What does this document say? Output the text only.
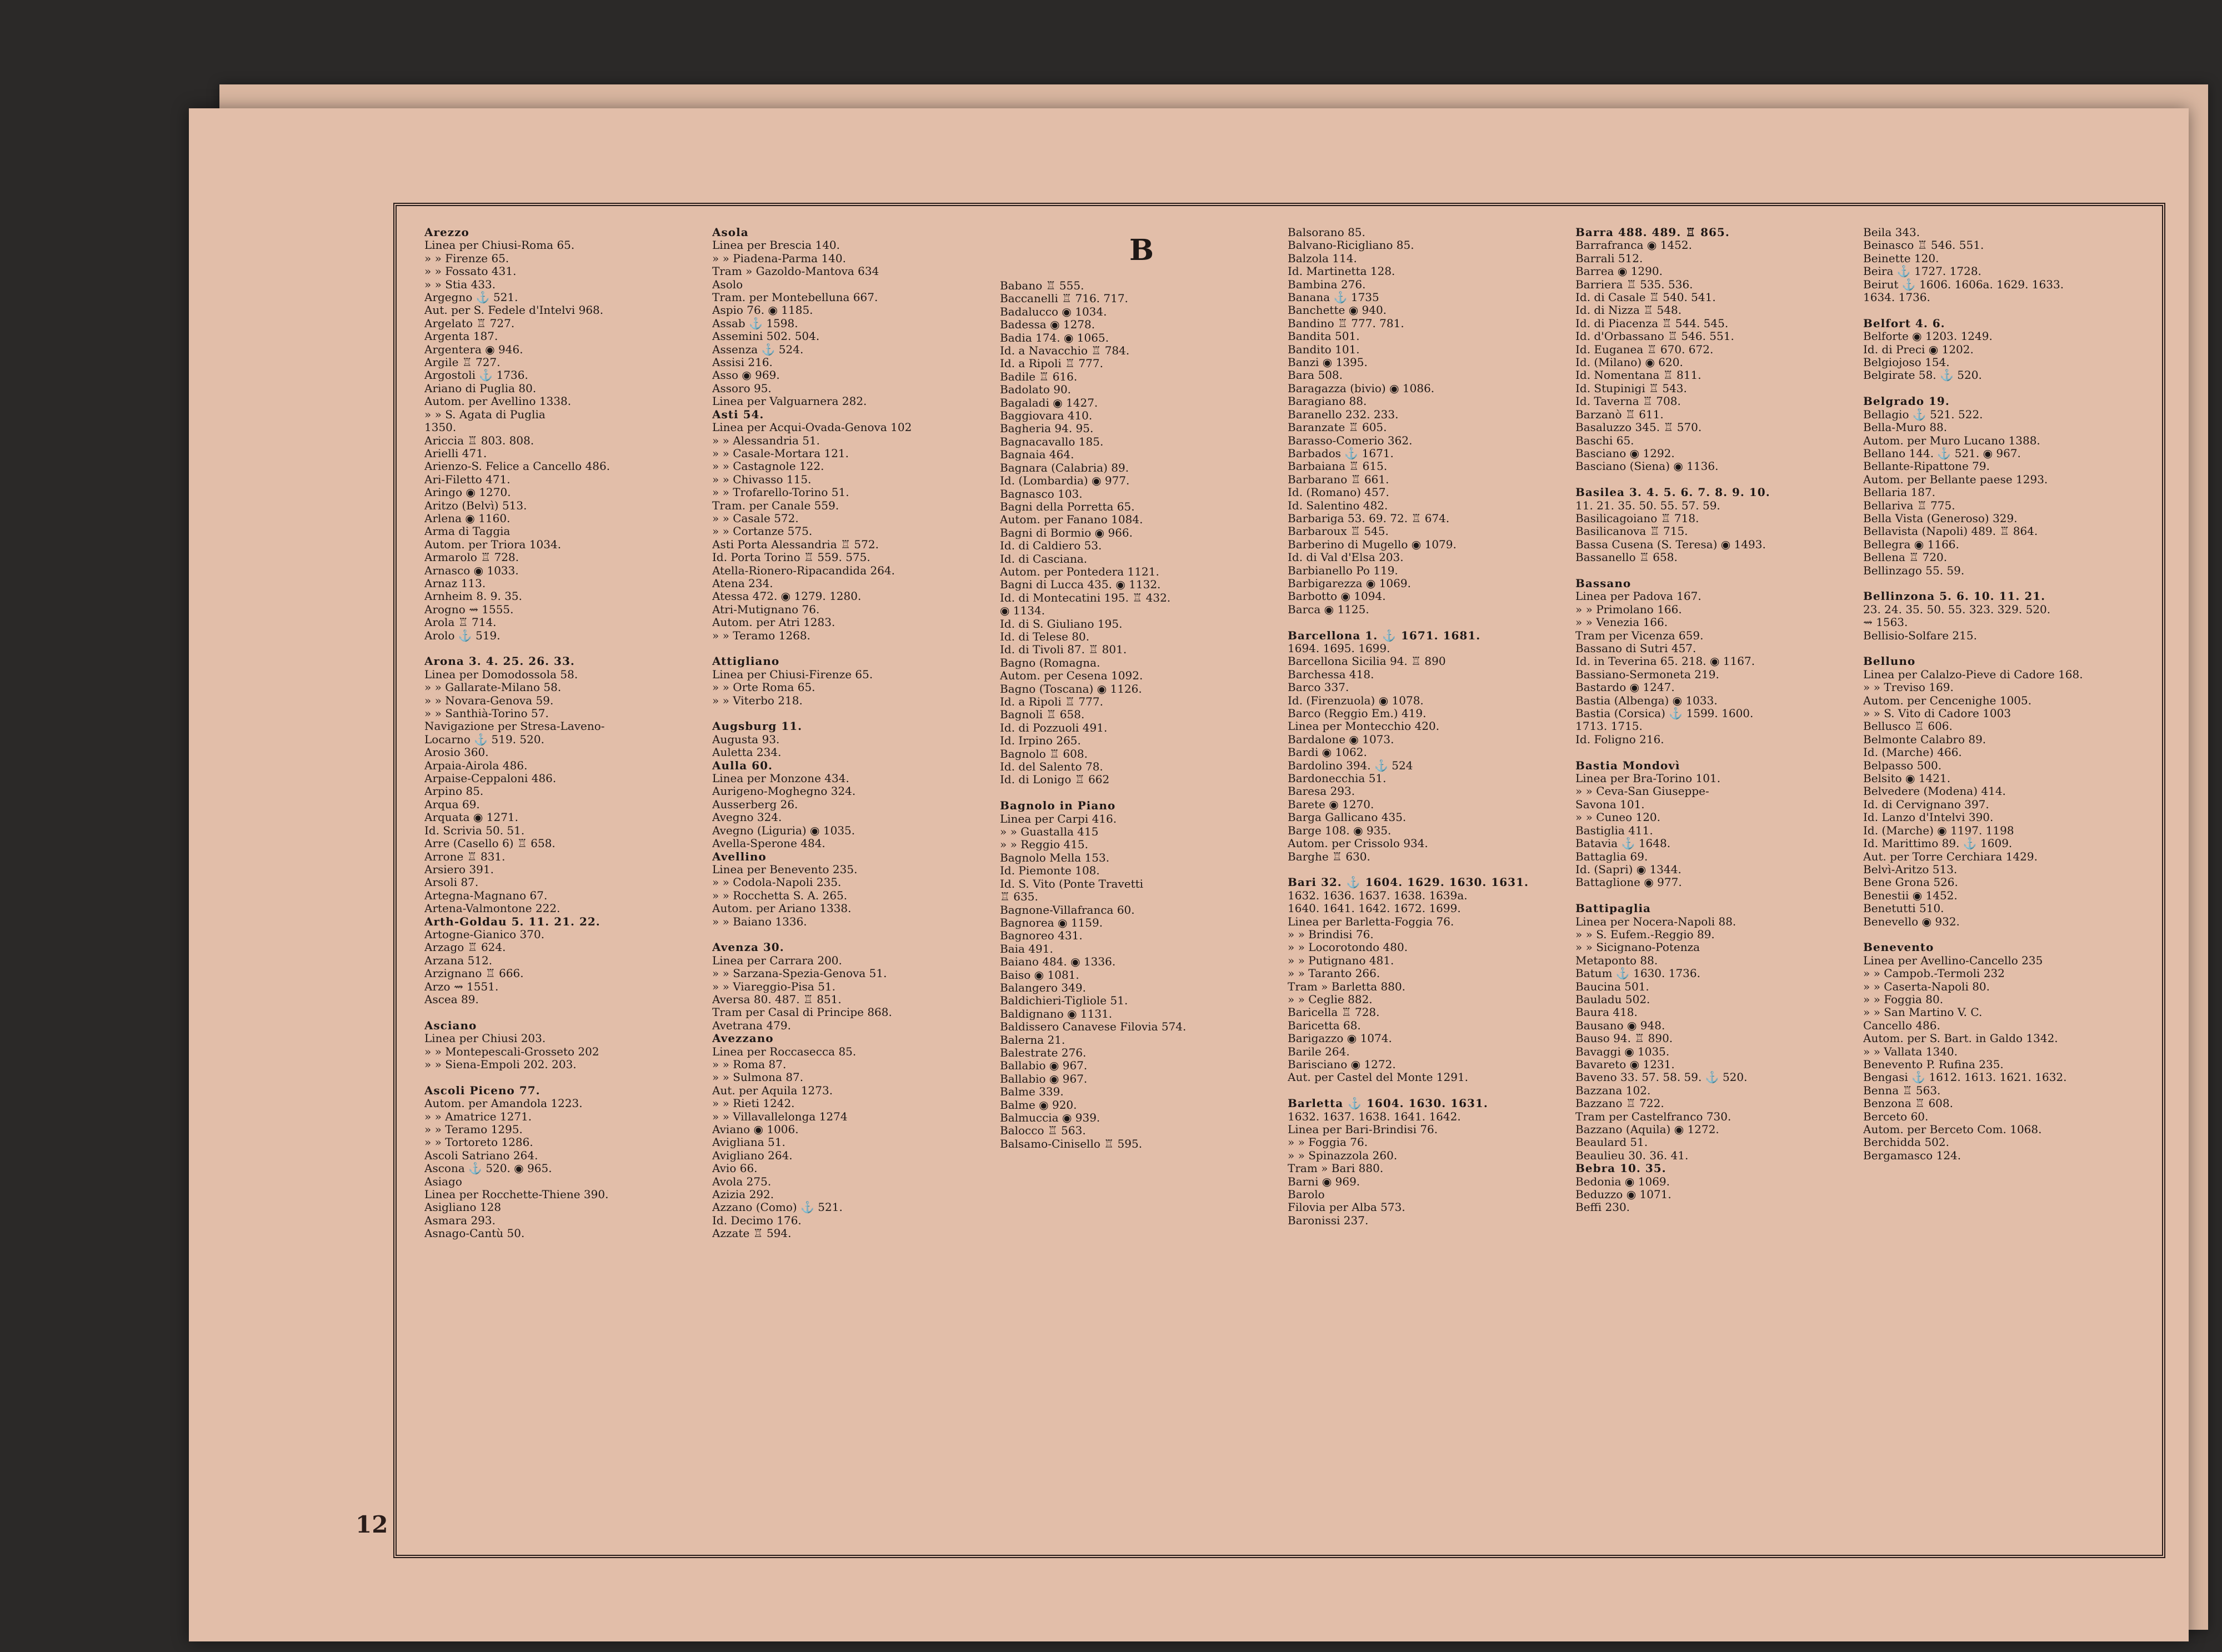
Arezzo
Linea per Chiusi-Roma 65.
» » Firenze 65.
» » Fossato 431.
» » Stia 433.
Argegno ⚓ 521.
Aut. per S. Fedele d'Intelvi 968.
Argelato ♖ 727.
Argenta 187.
Argentera ◉ 946.
Argile ♖ 727.
Argostoli ⚓ 1736.
Ariano di Puglia 80.
Autom. per Avellino 1338.
» » S. Agata di Puglia
1350.
Ariccia ♖ 803. 808.
Arielli 471.
Arienzo-S. Felice a Cancello 486.
Ari-Filetto 471.
Aringo ◉ 1270.
Aritzo (Belvì) 513.
Arlena ◉ 1160.
Arma di Taggia
Autom. per Triora 1034.
Armarolo ♖ 728.
Arnasco ◉ 1033.
Arnaz 113.
Arnheim 8. 9. 35.
Arogno ⇝ 1555.
Arola ♖ 714.
Arolo ⚓ 519.

Arona 3. 4. 25. 26. 33.
Linea per Domodossola 58.
» » Gallarate-Milano 58.
» » Novara-Genova 59.
» » Santhià-Torino 57.
Navigazione per Stresa-Laveno-
Locarno ⚓ 519. 520.
Arosio 360.
Arpaia-Airola 486.
Arpaise-Ceppaloni 486.
Arpino 85.
Arqua 69.
Arquata ◉ 1271.
Id. Scrivia 50. 51.
Arre (Casello 6) ♖ 658.
Arrone ♖ 831.
Arsiero 391.
Arsoli 87.
Artegna-Magnano 67.
Artena-Valmontone 222.
Arth-Goldau 5. 11. 21. 22.
Artogne-Gianico 370.
Arzago ♖ 624.
Arzana 512.
Arzignano ♖ 666.
Arzo ⇝ 1551.
Ascea 89.

Asciano
Linea per Chiusi 203.
» » Montepescali-Grosseto 202
» » Siena-Empoli 202. 203.

Ascoli Piceno 77.
Autom. per Amandola 1223.
» » Amatrice 1271.
» » Teramo 1295.
» » Tortoreto 1286.
Ascoli Satriano 264.
Ascona ⚓ 520. ◉ 965.
Asiago
Linea per Rocchette-Thiene 390.
Asigliano 128
Asmara 293.
Asnago-Cantù 50.
Asola
Linea per Brescia 140.
» » Piadena-Parma 140.
Tram » Gazoldo-Mantova 634
Asolo
Tram. per Montebelluna 667.
Aspio 76. ◉ 1185.
Assab ⚓ 1598.
Assemini 502. 504.
Assenza ⚓ 524.
Assisi 216.
Asso ◉ 969.
Assoro 95.
Linea per Valguarnera 282.
Asti 54.
Linea per Acqui-Ovada-Genova 102
» » Alessandria 51.
» » Casale-Mortara 121.
» » Castagnole 122.
» » Chivasso 115.
» » Trofarello-Torino 51.
Tram. per Canale 559.
» » Casale 572.
» » Cortanze 575.
Asti Porta Alessandria ♖ 572.
Id. Porta Torino ♖ 559. 575.
Atella-Rionero-Ripacandida 264.
Atena 234.
Atessa 472. ◉ 1279. 1280.
Atri-Mutignano 76.
Autom. per Atri 1283.
» » Teramo 1268.

Attigliano
Linea per Chiusi-Firenze 65.
» » Orte Roma 65.
» » Viterbo 218.

Augsburg 11.
Augusta 93.
Auletta 234.
Aulla 60.
Linea per Monzone 434.
Aurigeno-Moghegno 324.
Ausserberg 26.
Avegno 324.
Avegno (Liguria) ◉ 1035.
Avella-Sperone 484.
Avellino
Linea per Benevento 235.
» » Codola-Napoli 235.
» » Rocchetta S. A. 265.
Autom. per Ariano 1338.
» » Baiano 1336.

Avenza 30.
Linea per Carrara 200.
» » Sarzana-Spezia-Genova 51.
» » Viareggio-Pisa 51.
Aversa 80. 487. ♖ 851.
Tram per Casal di Principe 868.
Avetrana 479.
Avezzano
Linea per Roccasecca 85.
» » Roma 87.
» » Sulmona 87.
Aut. per Aquila 1273.
» » Rieti 1242.
» » Villavallelonga 1274
Aviano ◉ 1006.
Avigliana 51.
Avigliano 264.
Avio 66.
Avola 275.
Azizia 292.
Azzano (Como) ⚓ 521.
Id. Decimo 176.
Azzate ♖ 594.
B
Babano ♖ 555.
Baccanelli ♖ 716. 717.
Badalucco ◉ 1034.
Badessa ◉ 1278.
Badia 174. ◉ 1065.
Id. a Navacchio ♖ 784.
Id. a Ripoli ♖ 777.
Badile ♖ 616.
Badolato 90.
Bagaladi ◉ 1427.
Baggiovara 410.
Bagheria 94. 95.
Bagnacavallo 185.
Bagnaia 464.
Bagnara (Calabria) 89.
Id. (Lombardia) ◉ 977.
Bagnasco 103.
Bagni della Porretta 65.
Autom. per Fanano 1084.
Bagni di Bormio ◉ 966.
Id. di Caldiero 53.
Id. di Casciana.
Autom. per Pontedera 1121.
Bagni di Lucca 435. ◉ 1132.
Id. di Montecatini 195. ♖ 432.
◉ 1134.
Id. di S. Giuliano 195.
Id. di Telese 80.
Id. di Tivoli 87. ♖ 801.
Bagno (Romagna.
Autom. per Cesena 1092.
Bagno (Toscana) ◉ 1126.
Id. a Ripoli ♖ 777.
Bagnoli ♖ 658.
Id. di Pozzuoli 491.
Id. Irpino 265.
Bagnolo ♖ 608.
Id. del Salento 78.
Id. di Lonigo ♖ 662

Bagnolo in Piano
Linea per Carpi 416.
» » Guastalla 415
» » Reggio 415.
Bagnolo Mella 153.
Id. Piemonte 108.
Id. S. Vito (Ponte Travetti
♖ 635.
Bagnone-Villafranca 60.
Bagnorea ◉ 1159.
Bagnoreo 431.
Baia 491.
Baiano 484. ◉ 1336.
Baiso ◉ 1081.
Balangero 349.
Baldichieri-Tigliole 51.
Baldignano ◉ 1131.
Baldissero Canavese Filovia 574.
Balerna 21.
Balestrate 276.
Ballabio ◉ 967.
Ballabio ◉ 967.
Balme 339.
Balme ◉ 920.
Balmuccia ◉ 939.
Balocco ♖ 563.
Balsamo-Cinisello ♖ 595.
Balsorano 85.
Balvano-Ricigliano 85.
Balzola 114.
Id. Martinetta 128.
Bambina 276.
Banana ⚓ 1735
Banchette ◉ 940.
Bandino ♖ 777. 781.
Bandita 501.
Bandito 101.
Banzi ◉ 1395.
Bara 508.
Baragazza (bivio) ◉ 1086.
Baragiano 88.
Baranello 232. 233.
Baranzate ♖ 605.
Barasso-Comerio 362.
Barbados ⚓ 1671.
Barbaiana ♖ 615.
Barbarano ♖ 661.
Id. (Romano) 457.
Id. Salentino 482.
Barbariga 53. 69. 72. ♖ 674.
Barbaroux ♖ 545.
Barberino di Mugello ◉ 1079.
Id. di Val d'Elsa 203.
Barbianello Po 119.
Barbigarezza ◉ 1069.
Barbotto ◉ 1094.
Barca ◉ 1125.

Barcellona 1. ⚓ 1671. 1681.
1694. 1695. 1699.
Barcellona Sicilia 94. ♖ 890
Barchessa 418.
Barco 337.
Id. (Firenzuola) ◉ 1078.
Barco (Reggio Em.) 419.
Linea per Montecchio 420.
Bardalone ◉ 1073.
Bardi ◉ 1062.
Bardolino 394. ⚓ 524
Bardonecchia 51.
Baresa 293.
Barete ◉ 1270.
Barga Gallicano 435.
Barge 108. ◉ 935.
Autom. per Crissolo 934.
Barghe ♖ 630.

Bari 32. ⚓ 1604. 1629. 1630. 1631.
1632. 1636. 1637. 1638. 1639a.
1640. 1641. 1642. 1672. 1699.
Linea per Barletta-Foggia 76.
» » Brindisi 76.
» » Locorotondo 480.
» » Putignano 481.
» » Taranto 266.
Tram » Barletta 880.
» » Ceglie 882.
Baricella ♖ 728.
Baricetta 68.
Barigazzo ◉ 1074.
Barile 264.
Barisciano ◉ 1272.
Aut. per Castel del Monte 1291.

Barletta ⚓ 1604. 1630. 1631.
1632. 1637. 1638. 1641. 1642.
Linea per Bari-Brindisi 76.
» » Foggia 76.
» » Spinazzola 260.
Tram » Bari 880.
Barni ◉ 969.
Barolo
Filovia per Alba 573.
Baronissi 237.
Barra 488. 489. ♖ 865.
Barrafranca ◉ 1452.
Barrali 512.
Barrea ◉ 1290.
Barriera ♖ 535. 536.
Id. di Casale ♖ 540. 541.
Id. di Nizza ♖ 548.
Id. di Piacenza ♖ 544. 545.
Id. d'Orbassano ♖ 546. 551.
Id. Euganea ♖ 670. 672.
Id. (Milano) ◉ 620.
Id. Nomentana ♖ 811.
Id. Stupinigi ♖ 543.
Id. Taverna ♖ 708.
Barzanò ♖ 611.
Basaluzzo 345. ♖ 570.
Baschi 65.
Basciano ◉ 1292.
Basciano (Siena) ◉ 1136.

Basilea 3. 4. 5. 6. 7. 8. 9. 10.
11. 21. 35. 50. 55. 57. 59.
Basilicagoiano ♖ 718.
Basilicanova ♖ 715.
Bassa Cusena (S. Teresa) ◉ 1493.
Bassanello ♖ 658.

Bassano
Linea per Padova 167.
» » Primolano 166.
» » Venezia 166.
Tram per Vicenza 659.
Bassano di Sutri 457.
Id. in Teverina 65. 218. ◉ 1167.
Bassiano-Sermoneta 219.
Bastardo ◉ 1247.
Bastia (Albenga) ◉ 1033.
Bastia (Corsica) ⚓ 1599. 1600.
1713. 1715.
Id. Foligno 216.

Bastia Mondovì
Linea per Bra-Torino 101.
» » Ceva-San Giuseppe-
Savona 101.
» » Cuneo 120.
Bastiglia 411.
Batavia ⚓ 1648.
Battaglia 69.
Id. (Sapri) ◉ 1344.
Battaglione ◉ 977.

Battipaglia
Linea per Nocera-Napoli 88.
» » S. Eufem.-Reggio 89.
» » Sicignano-Potenza
Metaponto 88.
Batum ⚓ 1630. 1736.
Baucina 501.
Bauladu 502.
Baura 418.
Bausano ◉ 948.
Bauso 94. ♖ 890.
Bavaggi ◉ 1035.
Bavareto ◉ 1231.
Baveno 33. 57. 58. 59. ⚓ 520.
Bazzana 102.
Bazzano ♖ 722.
Tram per Castelfranco 730.
Bazzano (Aquila) ◉ 1272.
Beaulard 51.
Beaulieu 30. 36. 41.
Bebra 10. 35.
Bedonia ◉ 1069.
Beduzzo ◉ 1071.
Beffi 230.
Beila 343.
Beinasco ♖ 546. 551.
Beinette 120.
Beira ⚓ 1727. 1728.
Beirut ⚓ 1606. 1606a. 1629. 1633.
1634. 1736.

Belfort 4. 6.
Belforte ◉ 1203. 1249.
Id. di Preci ◉ 1202.
Belgiojoso 154.
Belgirate 58. ⚓ 520.

Belgrado 19.
Bellagio ⚓ 521. 522.
Bella-Muro 88.
Autom. per Muro Lucano 1388.
Bellano 144. ⚓ 521. ◉ 967.
Bellante-Ripattone 79.
Autom. per Bellante paese 1293.
Bellaria 187.
Bellariva ♖ 775.
Bella Vista (Generoso) 329.
Bellavista (Napoli) 489. ♖ 864.
Bellegra ◉ 1166.
Bellena ♖ 720.
Bellinzago 55. 59.

Bellinzona 5. 6. 10. 11. 21.
23. 24. 35. 50. 55. 323. 329. 520.
⇝ 1563.
Bellisio-Solfare 215.

Belluno
Linea per Calalzo-Pieve di Cadore 168.
» » Treviso 169.
Autom. per Cencenighe 1005.
» » S. Vito di Cadore 1003
Bellusco ♖ 606.
Belmonte Calabro 89.
Id. (Marche) 466.
Belpasso 500.
Belsito ◉ 1421.
Belvedere (Modena) 414.
Id. di Cervignano 397.
Id. Lanzo d'Intelvi 390.
Id. (Marche) ◉ 1197. 1198
Id. Marittimo 89. ⚓ 1609.
Aut. per Torre Cerchiara 1429.
Belvì-Aritzo 513.
Bene Grona 526.
Benestii ◉ 1452.
Benetutti 510.
Benevello ◉ 932.

Benevento
Linea per Avellino-Cancello 235
» » Campob.-Termoli 232
» » Caserta-Napoli 80.
» » Foggia 80.
» » San Martino V. C.
Cancello 486.
Autom. per S. Bart. in Galdo 1342.
» » Vallata 1340.
Benevento P. Rufina 235.
Bengasi ⚓ 1612. 1613. 1621. 1632.
Benna ♖ 563.
Benzona ♖ 608.
Berceto 60.
Autom. per Berceto Com. 1068.
Berchidda 502.
Bergamasco 124.
12
